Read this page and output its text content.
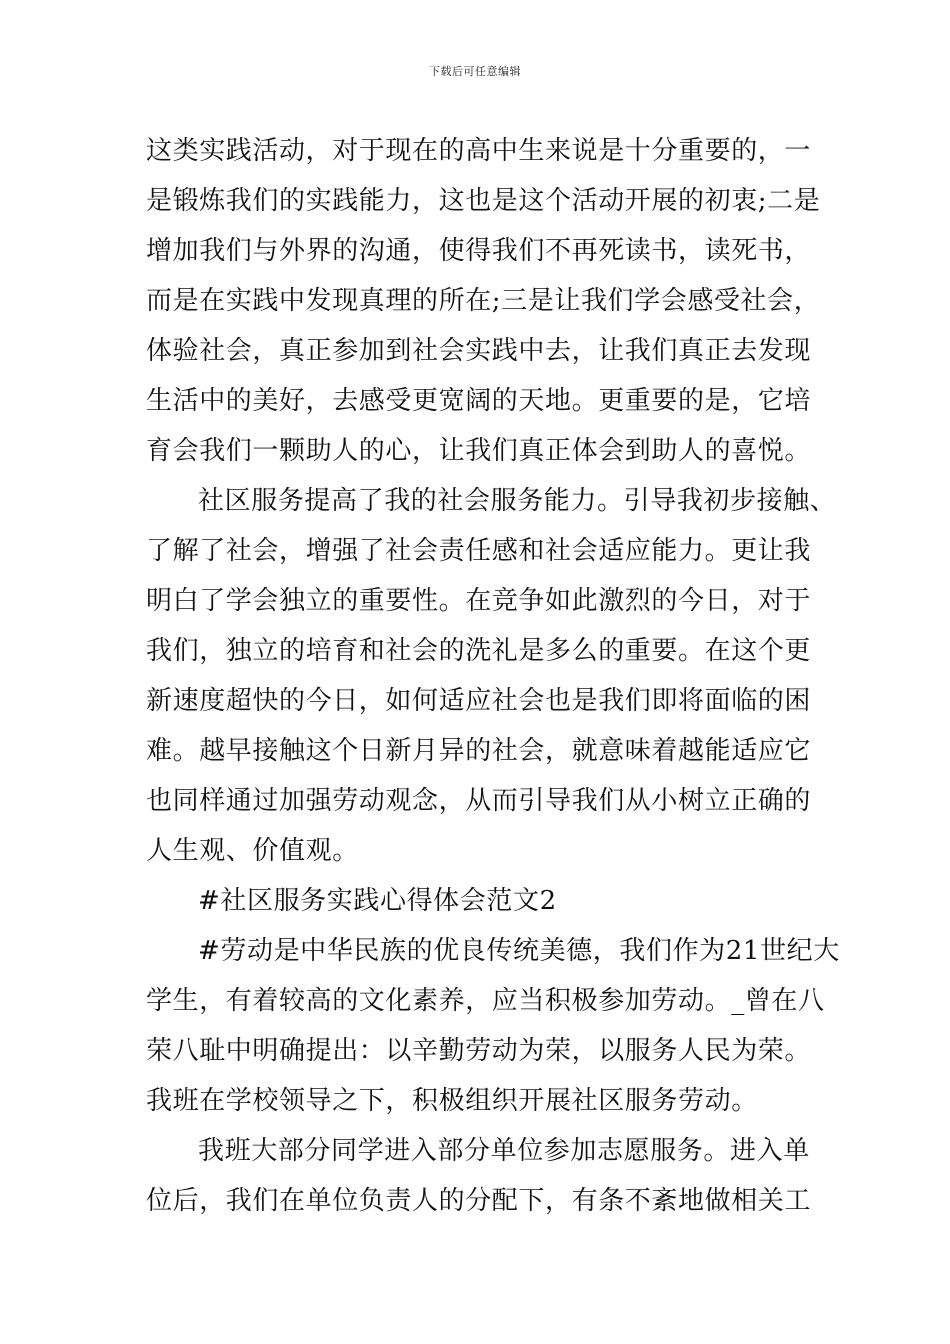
下载后可任意编辑
这类实践活动，对于现在的高中生来说是十分重要的，一
是锻炼我们的实践能力，这也是这个活动开展的初衷;二是
增加我们与外界的沟通，使得我们不再死读书，读死书，
而是在实践中发现真理的所在;三是让我们学会感受社会，
体验社会，真正参加到社会实践中去，让我们真正去发现
生活中的美好，去感受更宽阔的天地。更重要的是，它培
育会我们一颗助人的心，让我们真正体会到助人的喜悦。
社区服务提高了我的社会服务能力。引导我初步接触、
了解了社会，增强了社会责任感和社会适应能力。更让我
明白了学会独立的重要性。在竞争如此激烈的今日，对于
我们，独立的培育和社会的洗礼是多么的重要。在这个更
新速度超快的今日，如何适应社会也是我们即将面临的困
难。越早接触这个日新月异的社会，就意味着越能适应它
也同样通过加强劳动观念，从而引导我们从小树立正确的
人生观、价值观。
#社区服务实践心得体会范文2
#劳动是中华民族的优良传统美德，我们作为21世纪大
学生，有着较高的文化素养，应当积极参加劳动。_曾在八
荣八耻中明确提出：以辛勤劳动为荣，以服务人民为荣。
我班在学校领导之下，积极组织开展社区服务劳动。
我班大部分同学进入部分单位参加志愿服务。进入单
位后，我们在单位负责人的分配下，有条不紊地做相关工
